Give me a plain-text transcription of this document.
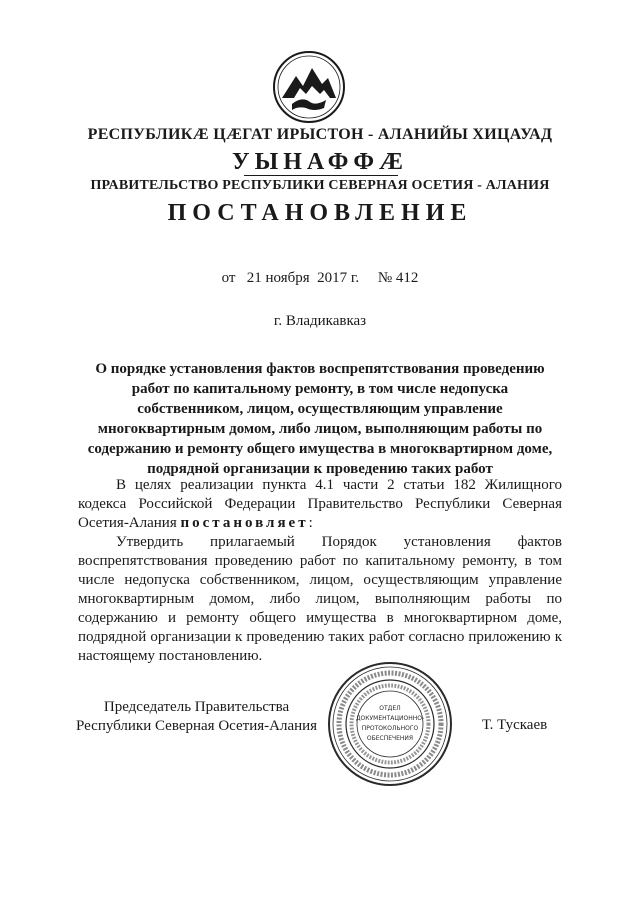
РЕСПУБЛИКӔ ЦӔГАТ ИРЫСТОН - АЛАНИЙЫ ХИЦАУАД
УЫНАФФӔ
ПРАВИТЕЛЬСТВО РЕСПУБЛИКИ СЕВЕРНАЯ ОСЕТИЯ - АЛАНИЯ
ПОСТАНОВЛЕНИЕ
от   21 ноября  2017 г.     № 412
г. Владикавказ
О порядке установления фактов воспрепятствования проведению
работ по капитальному ремонту, в том числе недопуска
собственником, лицом, осуществляющим управление
многоквартирным домом, либо лицом, выполняющим работы по
содержанию и ремонту общего имущества в многоквартирном доме,
подрядной организации к проведению таких работ
В целях реализации пункта 4.1 части 2 статьи 182 Жилищного
кодекса Российской Федерации Правительство Республики Северная
Осетия-Алания постановляет:
Утвердить прилагаемый Порядок установления фактов
воспрепятствования проведению работ по капитальному ремонту, в том
числе недопуска собственником, лицом, осуществляющим управление
многоквартирным домом, либо лицом, выполняющим работы по
содержанию и ремонту общего имущества в многоквартирном доме,
подрядной организации к проведению таких работ согласно приложению к
настоящему постановлению.
Председатель Правительства
Республики Северная Осетия-Алания
ОТДЕЛ
ДОКУМЕНТАЦИОННО-
ПРОТОКОЛЬНОГО
ОБЕСПЕЧЕНИЯ
Т. Тускаев
